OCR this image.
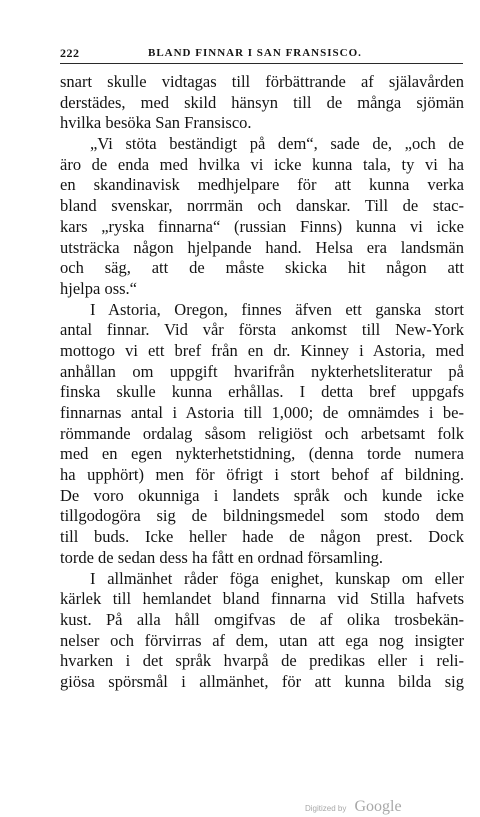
222	BLAND FINNAR I SAN FRANSISCO.
snart skulle vidtagas till förbättrande af själavården
derstädes, med skild hänsyn till de många sjömän
hvilka besöka San Fransisco.
„Vi stöta beständigt på dem“, sade de, „och de
äro de enda med hvilka vi icke kunna tala, ty vi ha
en skandinavisk medhjelpare för att kunna verka
bland svenskar, norrmän och danskar. Till de stac-
kars „ryska finnarna“ (russian Finns) kunna vi icke
utsträcka någon hjelpande hand. Helsa era landsmän
och säg, att de måste skicka hit någon att
hjelpa oss.“
I Astoria, Oregon, finnes äfven ett ganska stort
antal finnar. Vid vår första ankomst till New-York
mottogo vi ett bref från en dr. Kinney i Astoria, med
anhållan om uppgift hvarifrån nykterhetsliteratur på
finska skulle kunna erhållas. I detta bref uppgafs
finnarnas antal i Astoria till 1,000; de omnämdes i be-
römmande ordalag såsom religiöst och arbetsamt folk
med en egen nykterhetstidning, (denna torde numera
ha upphört) men för öfrigt i stort behof af bildning.
De voro okunniga i landets språk och kunde icke
tillgodogöra sig de bildningsmedel som stodo dem
till buds. Icke heller hade de någon prest. Dock
torde de sedan dess ha fått en ordnad församling.
I allmänhet råder föga enighet, kunskap om eller
kärlek till hemlandet bland finnarna vid Stilla hafvets
kust. På alla håll omgifvas de af olika trosbekän-
nelser och förvirras af dem, utan att ega nog insigter
hvarken i det språk hvarpå de predikas eller i reli-
giösa spörsmål i allmänhet, för att kunna bilda sig
Digitized by Google
